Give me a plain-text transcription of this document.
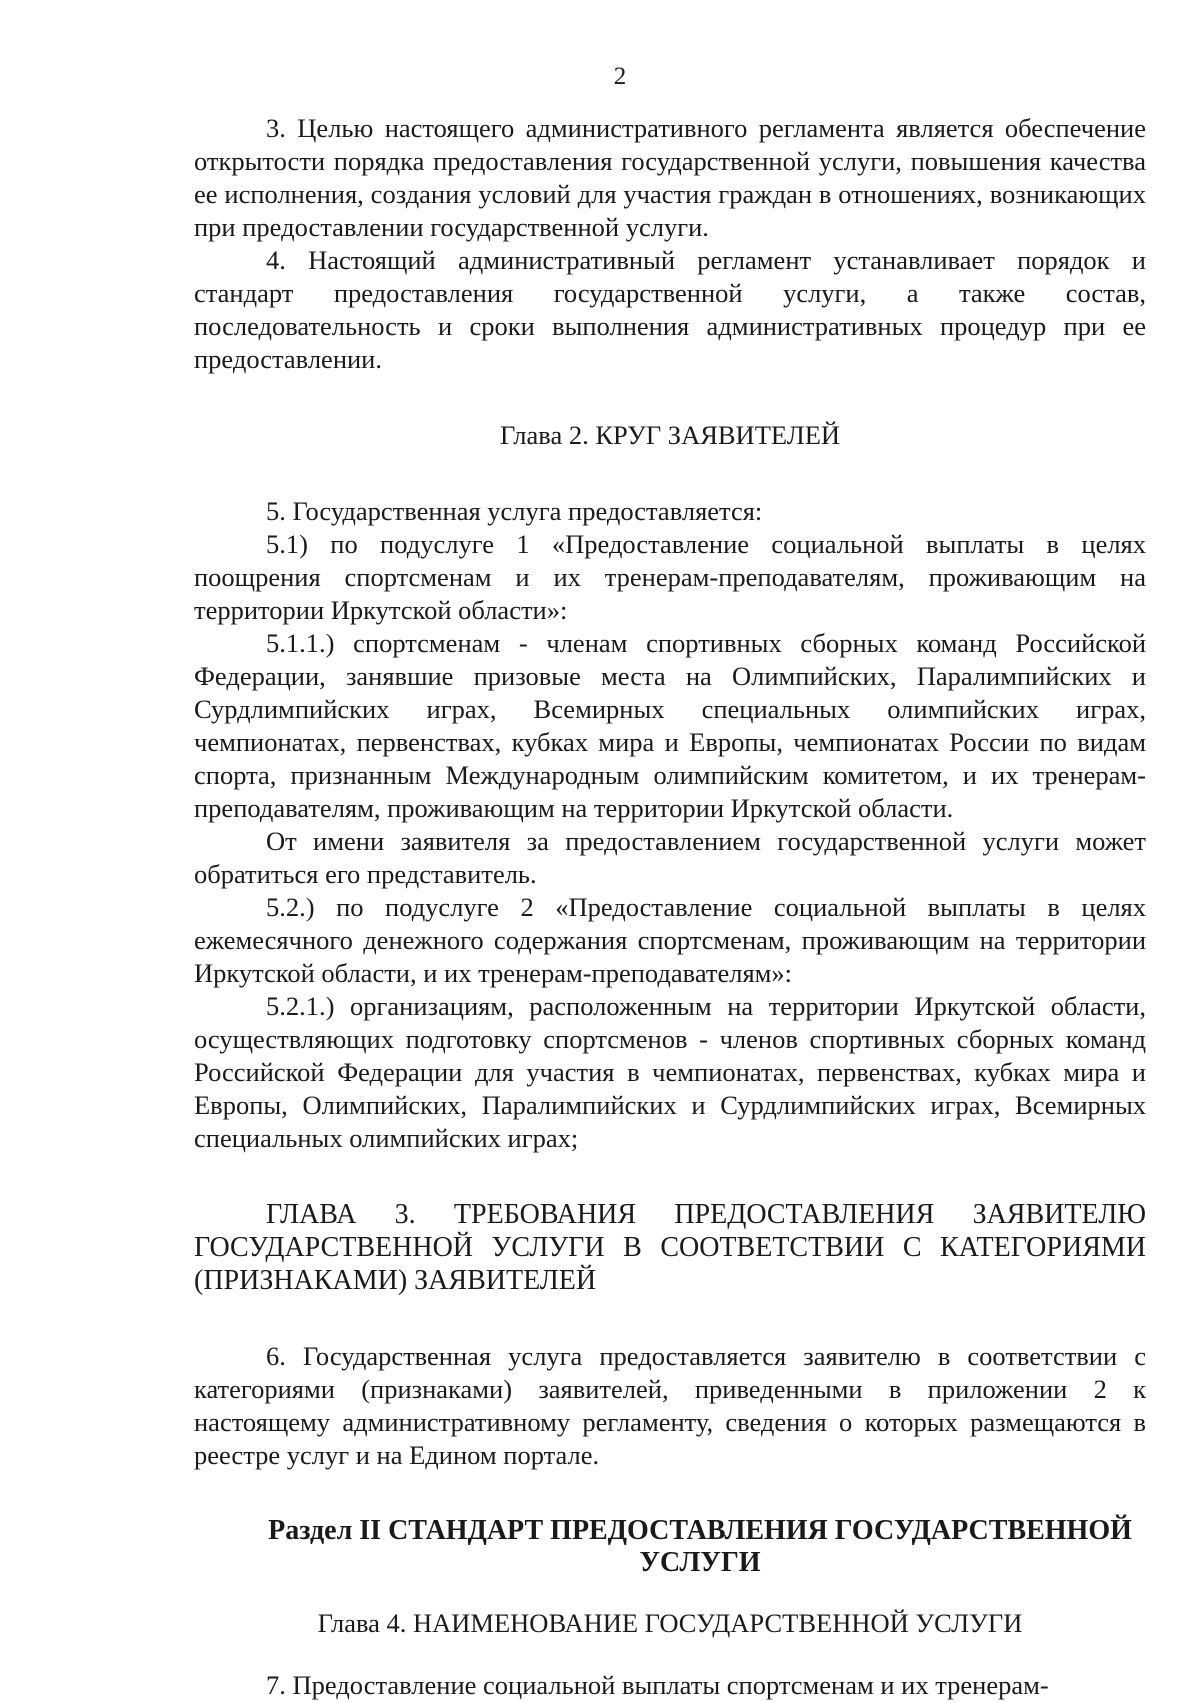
2

3. Целью настоящего административного регламента является обеспечение открытости порядка предоставления государственной услуги, повышения качества ее исполнения, создания условий для участия граждан в отношениях, возникающих при предоставлении государственной услуги.

4. Настоящий административный регламент устанавливает порядок и стандарт предоставления государственной услуги, а также состав, последовательность и сроки выполнения административных процедур при ее предоставлении.

Глава 2. КРУГ ЗАЯВИТЕЛЕЙ

5. Государственная услуга предоставляется:

5.1) по подуслуге 1 «Предоставление социальной выплаты в целях поощрения спортсменам и их тренерам-преподавателям, проживающим на территории Иркутской области»:

5.1.1.) спортсменам - членам спортивных сборных команд Российской Федерации, занявшие призовые места на Олимпийских, Паралимпийских и Сурдлимпийских играх, Всемирных специальных олимпийских играх, чемпионатах, первенствах, кубках мира и Европы, чемпионатах России по видам спорта, признанным Международным олимпийским комитетом, и их тренерам-преподавателям, проживающим на территории Иркутской области.

От имени заявителя за предоставлением государственной услуги может обратиться его представитель.

5.2.) по подуслуге 2 «Предоставление социальной выплаты в целях ежемесячного денежного содержания спортсменам, проживающим на территории Иркутской области, и их тренерам-преподавателям»:

5.2.1.) организациям, расположенным на территории Иркутской области, осуществляющих подготовку спортсменов - членов спортивных сборных команд Российской Федерации для участия в чемпионатах, первенствах, кубках мира и Европы, Олимпийских, Паралимпийских и Сурдлимпийских играх, Всемирных специальных олимпийских играх;

ГЛАВА 3. ТРЕБОВАНИЯ ПРЕДОСТАВЛЕНИЯ ЗАЯВИТЕЛЮ ГОСУДАРСТВЕННОЙ УСЛУГИ В СООТВЕТСТВИИ С КАТЕГОРИЯМИ (ПРИЗНАКАМИ) ЗАЯВИТЕЛЕЙ

6. Государственная услуга предоставляется заявителю в соответствии с категориями (признаками) заявителей, приведенными в приложении 2 к настоящему административному регламенту, сведения о которых размещаются в реестре услуг и на Едином портале.

Раздел II СТАНДАРТ ПРЕДОСТАВЛЕНИЯ ГОСУДАРСТВЕННОЙ УСЛУГИ

Глава 4. НАИМЕНОВАНИЕ ГОСУДАРСТВЕННОЙ УСЛУГИ

7. Предоставление социальной выплаты спортсменам и их тренерам-
